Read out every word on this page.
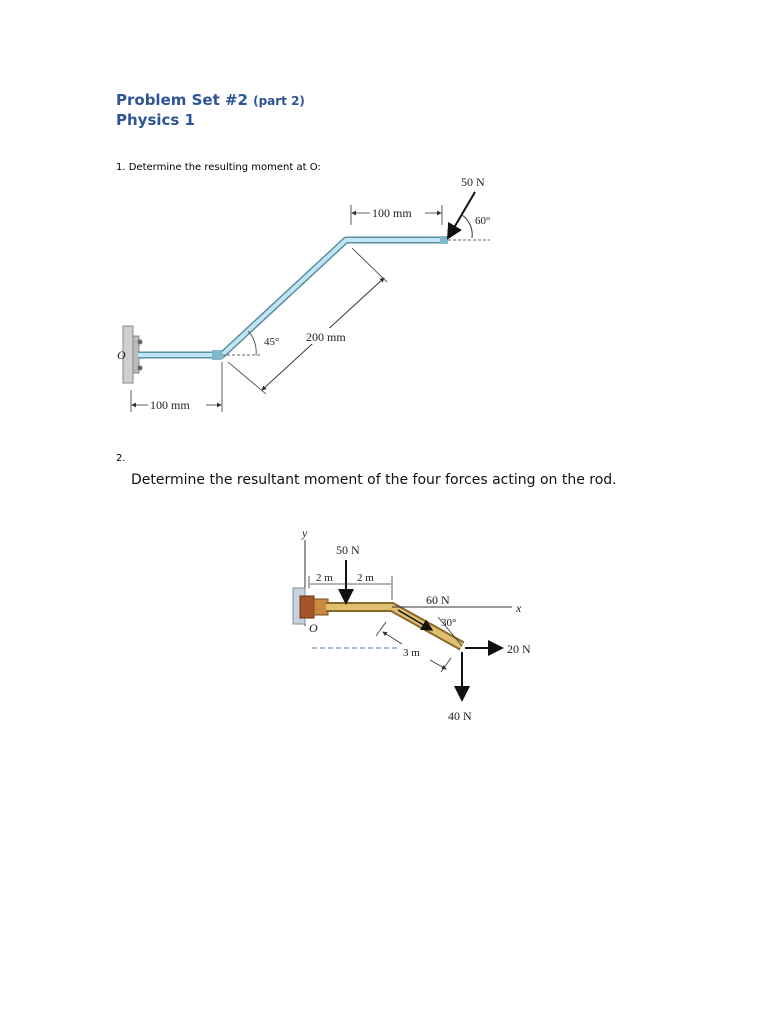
Problem Set #2 (part 2)
Physics 1
1. Determine the resulting moment at O:
50 N
60°
100 mm
200 mm
45°
100 mm
O
2.
Determine the resultant moment of the four forces acting on the rod.
y
x
50 N
2 m 2 m
60 N
30°
3 m	20 N
40 N
O
